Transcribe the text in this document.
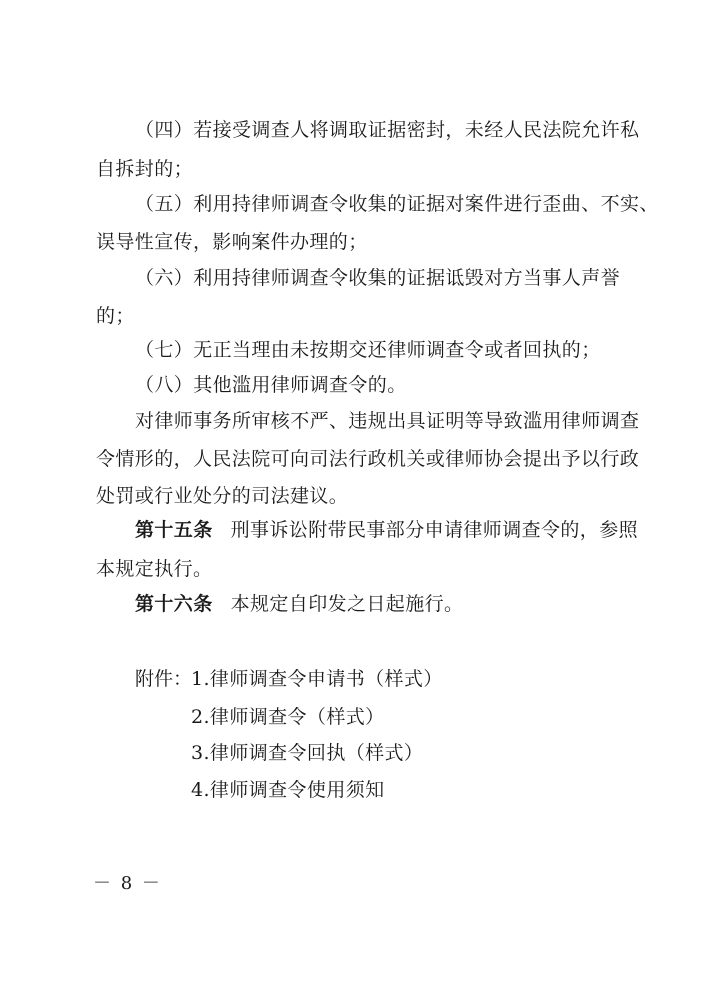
（四）若接受调查人将调取证据密封，未经人民法院允许私
自拆封的；
（五）利用持律师调查令收集的证据对案件进行歪曲、不实、
误导性宣传，影响案件办理的；
（六）利用持律师调查令收集的证据诋毁对方当事人声誉
的；
（七）无正当理由未按期交还律师调查令或者回执的；
（八）其他滥用律师调查令的。
对律师事务所审核不严、违规出具证明等导致滥用律师调查
令情形的，人民法院可向司法行政机关或律师协会提出予以行政
处罚或行业处分的司法建议。
第十五条 刑事诉讼附带民事部分申请律师调查令的，参照
本规定执行。
第十六条 本规定自印发之日起施行。
附件：
1.律师调查令申请书（样式）
2.律师调查令（样式）
3.律师调查令回执（样式）
4.律师调查令使用须知
－ 8 －
